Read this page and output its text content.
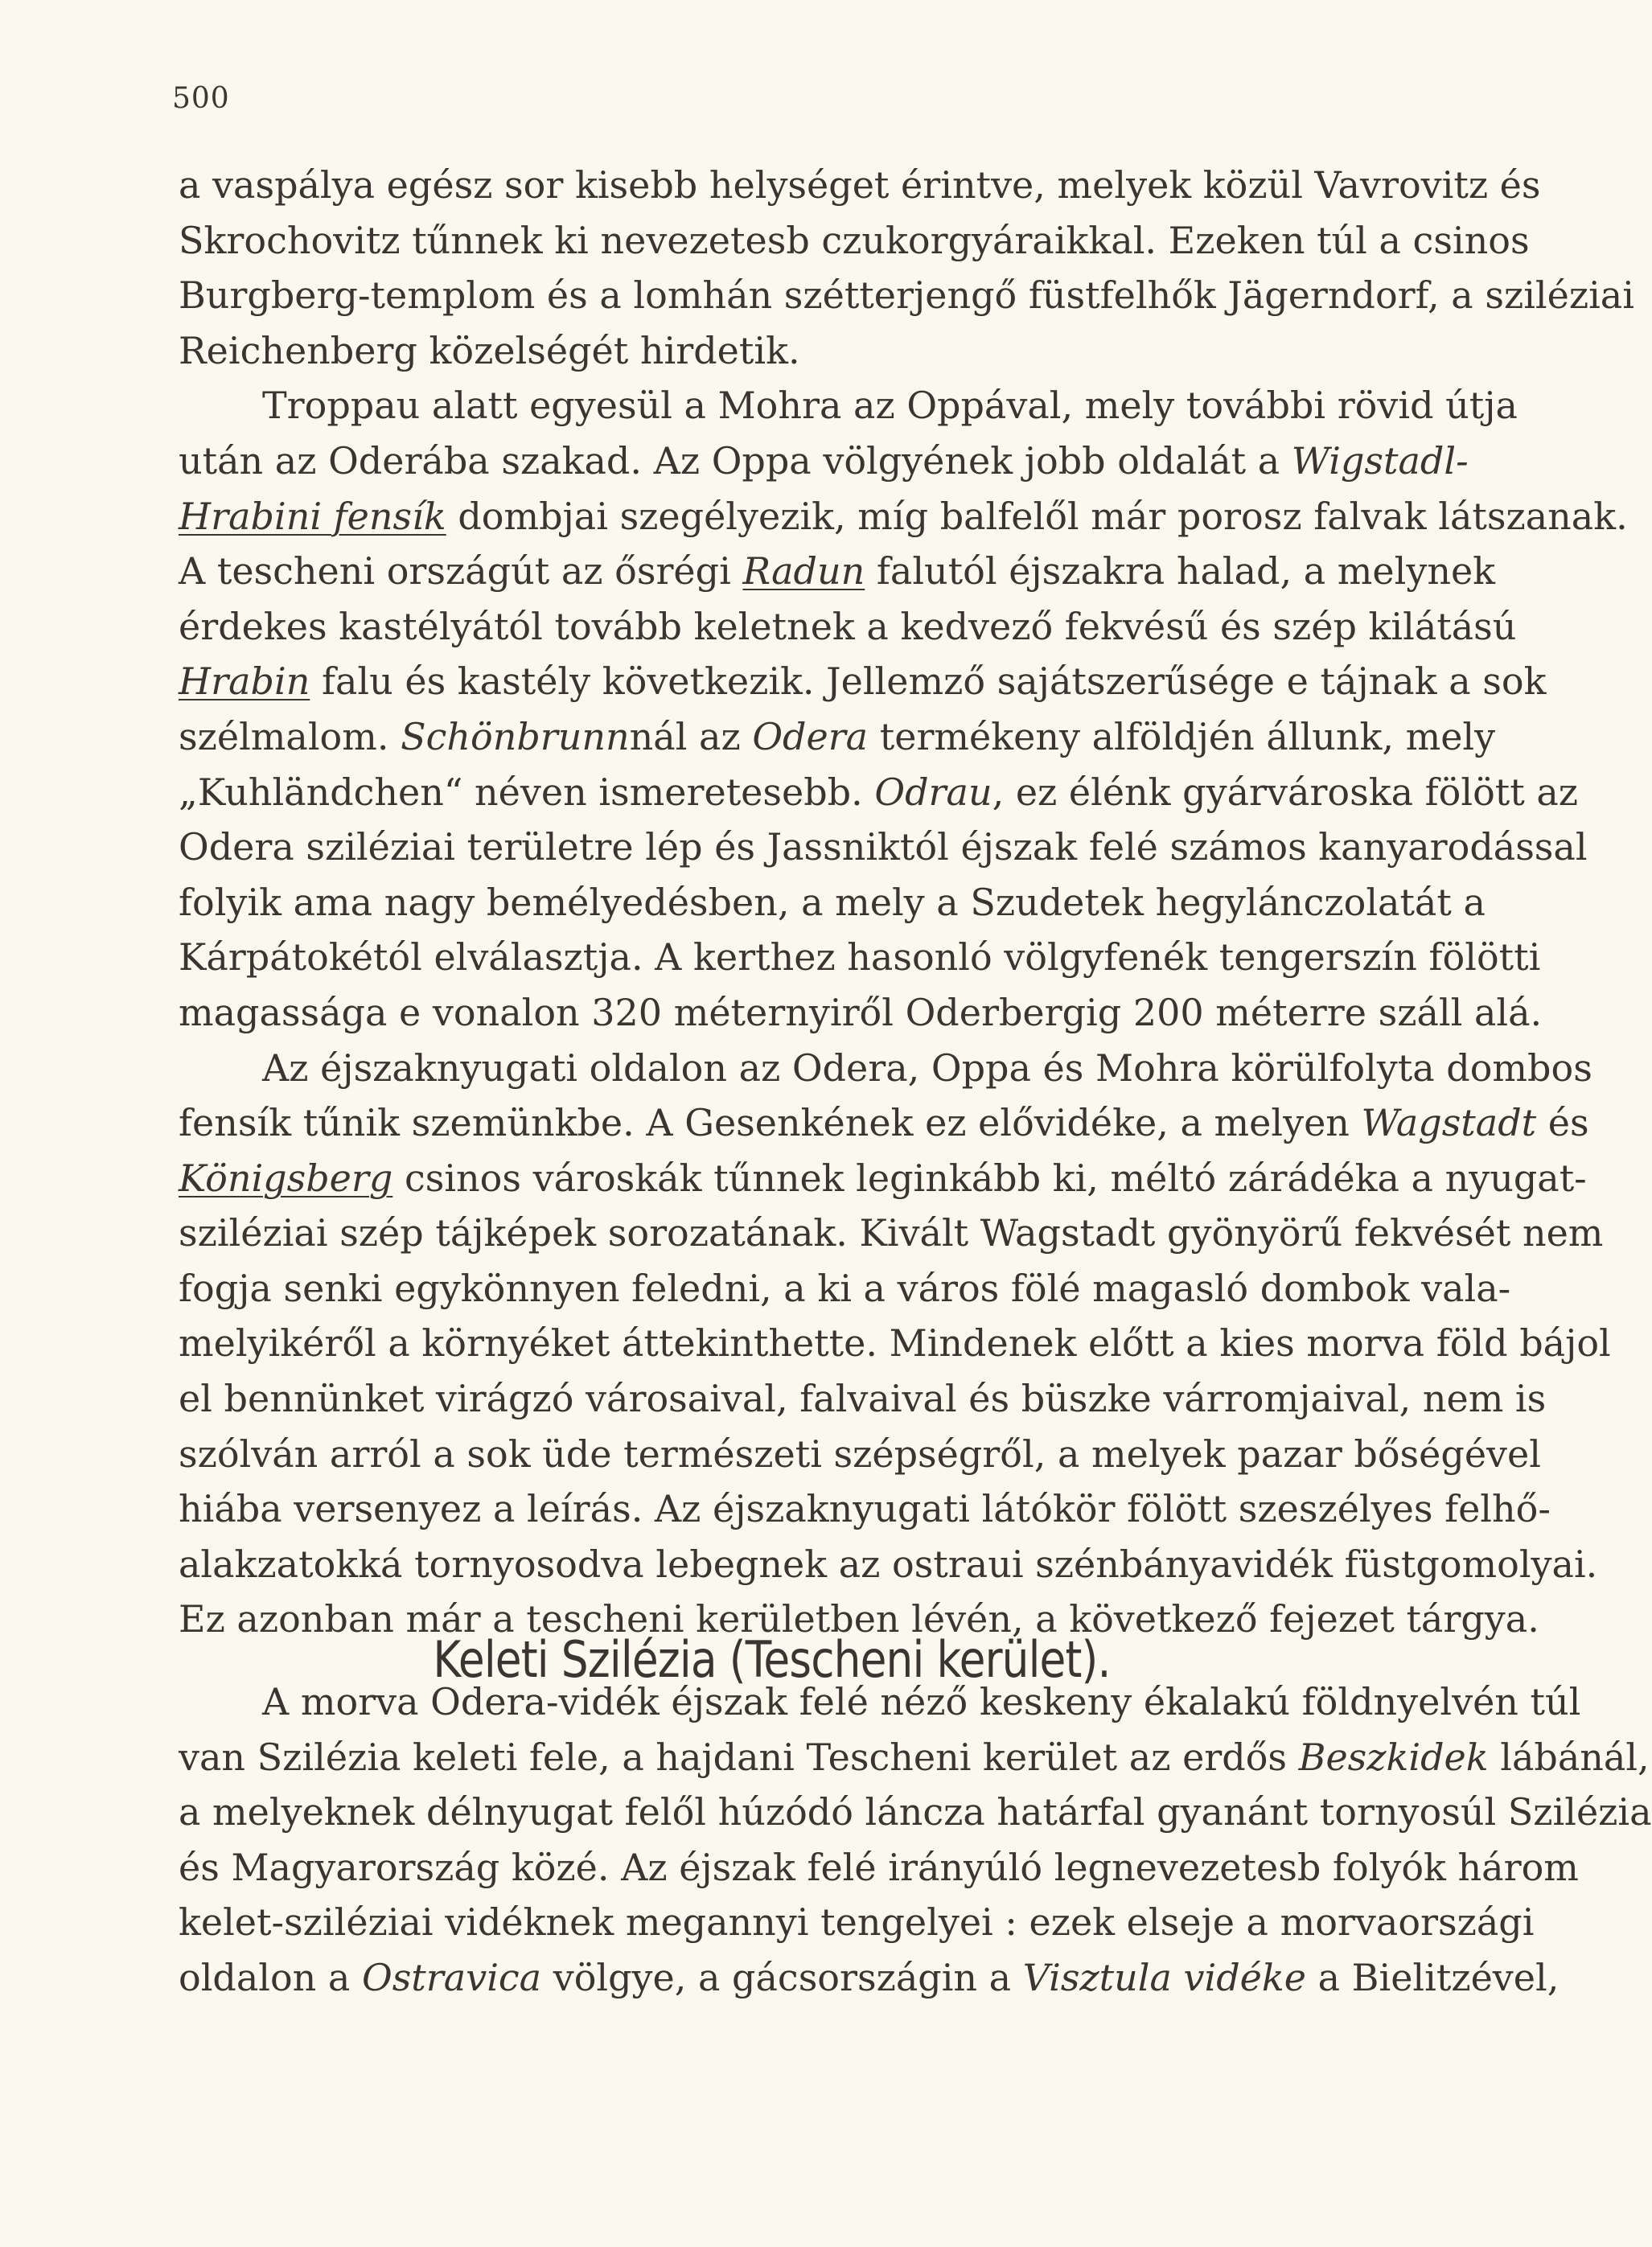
500
a vaspálya egész sor kisebb helységet érintve, melyek közül Vavrovitz és
Skrochovitz tűnnek ki nevezetesb czukorgyáraikkal. Ezeken túl a csinos
Burgberg-templom és a lomhán szétterjengő füstfelhők Jägerndorf, a sziléziai
Reichenberg közelségét hirdetik.
Troppau alatt egyesül a Mohra az Oppával, mely további rövid útja
után az Oderába szakad. Az Oppa völgyének jobb oldalát a Wigstadl-
Hrabini fensík dombjai szegélyezik, míg balfelől már porosz falvak látszanak.
A tescheni országút az ősrégi Radun falutól éjszakra halad, a melynek
érdekes kastélyától tovább keletnek a kedvező fekvésű és szép kilátású
Hrabin falu és kastély következik. Jellemző sajátszerűsége e tájnak a sok
szélmalom. Schönbrunnnál az Odera termékeny alföldjén állunk, mely
„Kuhländchen“ néven ismeretesebb. Odrau, ez élénk gyárvároska fölött az
Odera sziléziai területre lép és Jassniktól éjszak felé számos kanyarodással
folyik ama nagy bemélyedésben, a mely a Szudetek hegylánczolatát a
Kárpátokétól elválasztja. A kerthez hasonló völgyfenék tengerszín fölötti
magassága e vonalon 320 méternyiről Oderbergig 200 méterre száll alá.
Az éjszaknyugati oldalon az Odera, Oppa és Mohra körülfolyta dombos
fensík tűnik szemünkbe. A Gesenkének ez elővidéke, a melyen Wagstadt és
Königsberg csinos városkák tűnnek leginkább ki, méltó zárádéka a nyugat-
sziléziai szép tájképek sorozatának. Kivált Wagstadt gyönyörű fekvését nem
fogja senki egykönnyen feledni, a ki a város fölé magasló dombok vala-
melyikéről a környéket áttekinthette. Mindenek előtt a kies morva föld bájol
el bennünket virágzó városaival, falvaival és büszke várromjaival, nem is
szólván arról a sok üde természeti szépségről, a melyek pazar bőségével
hiába versenyez a leírás. Az éjszaknyugati látókör fölött szeszélyes felhő-
alakzatokká tornyosodva lebegnek az ostraui szénbányavidék füstgomolyai.
Ez azonban már a tescheni kerületben lévén, a következő fejezet tárgya.
Keleti Szilézia (Tescheni kerület).
A morva Odera-vidék éjszak felé néző keskeny ékalakú földnyelvén túl
van Szilézia keleti fele, a hajdani Tescheni kerület az erdős Beszkidek lábánál,
a melyeknek délnyugat felől húzódó láncza határfal gyanánt tornyosúl Szilézia
és Magyarország közé. Az éjszak felé irányúló legnevezetesb folyók három
kelet-sziléziai vidéknek megannyi tengelyei : ezek elseje a morvaországi
oldalon a Ostravica völgye, a gácsországin a Visztula vidéke a Bielitzével,
